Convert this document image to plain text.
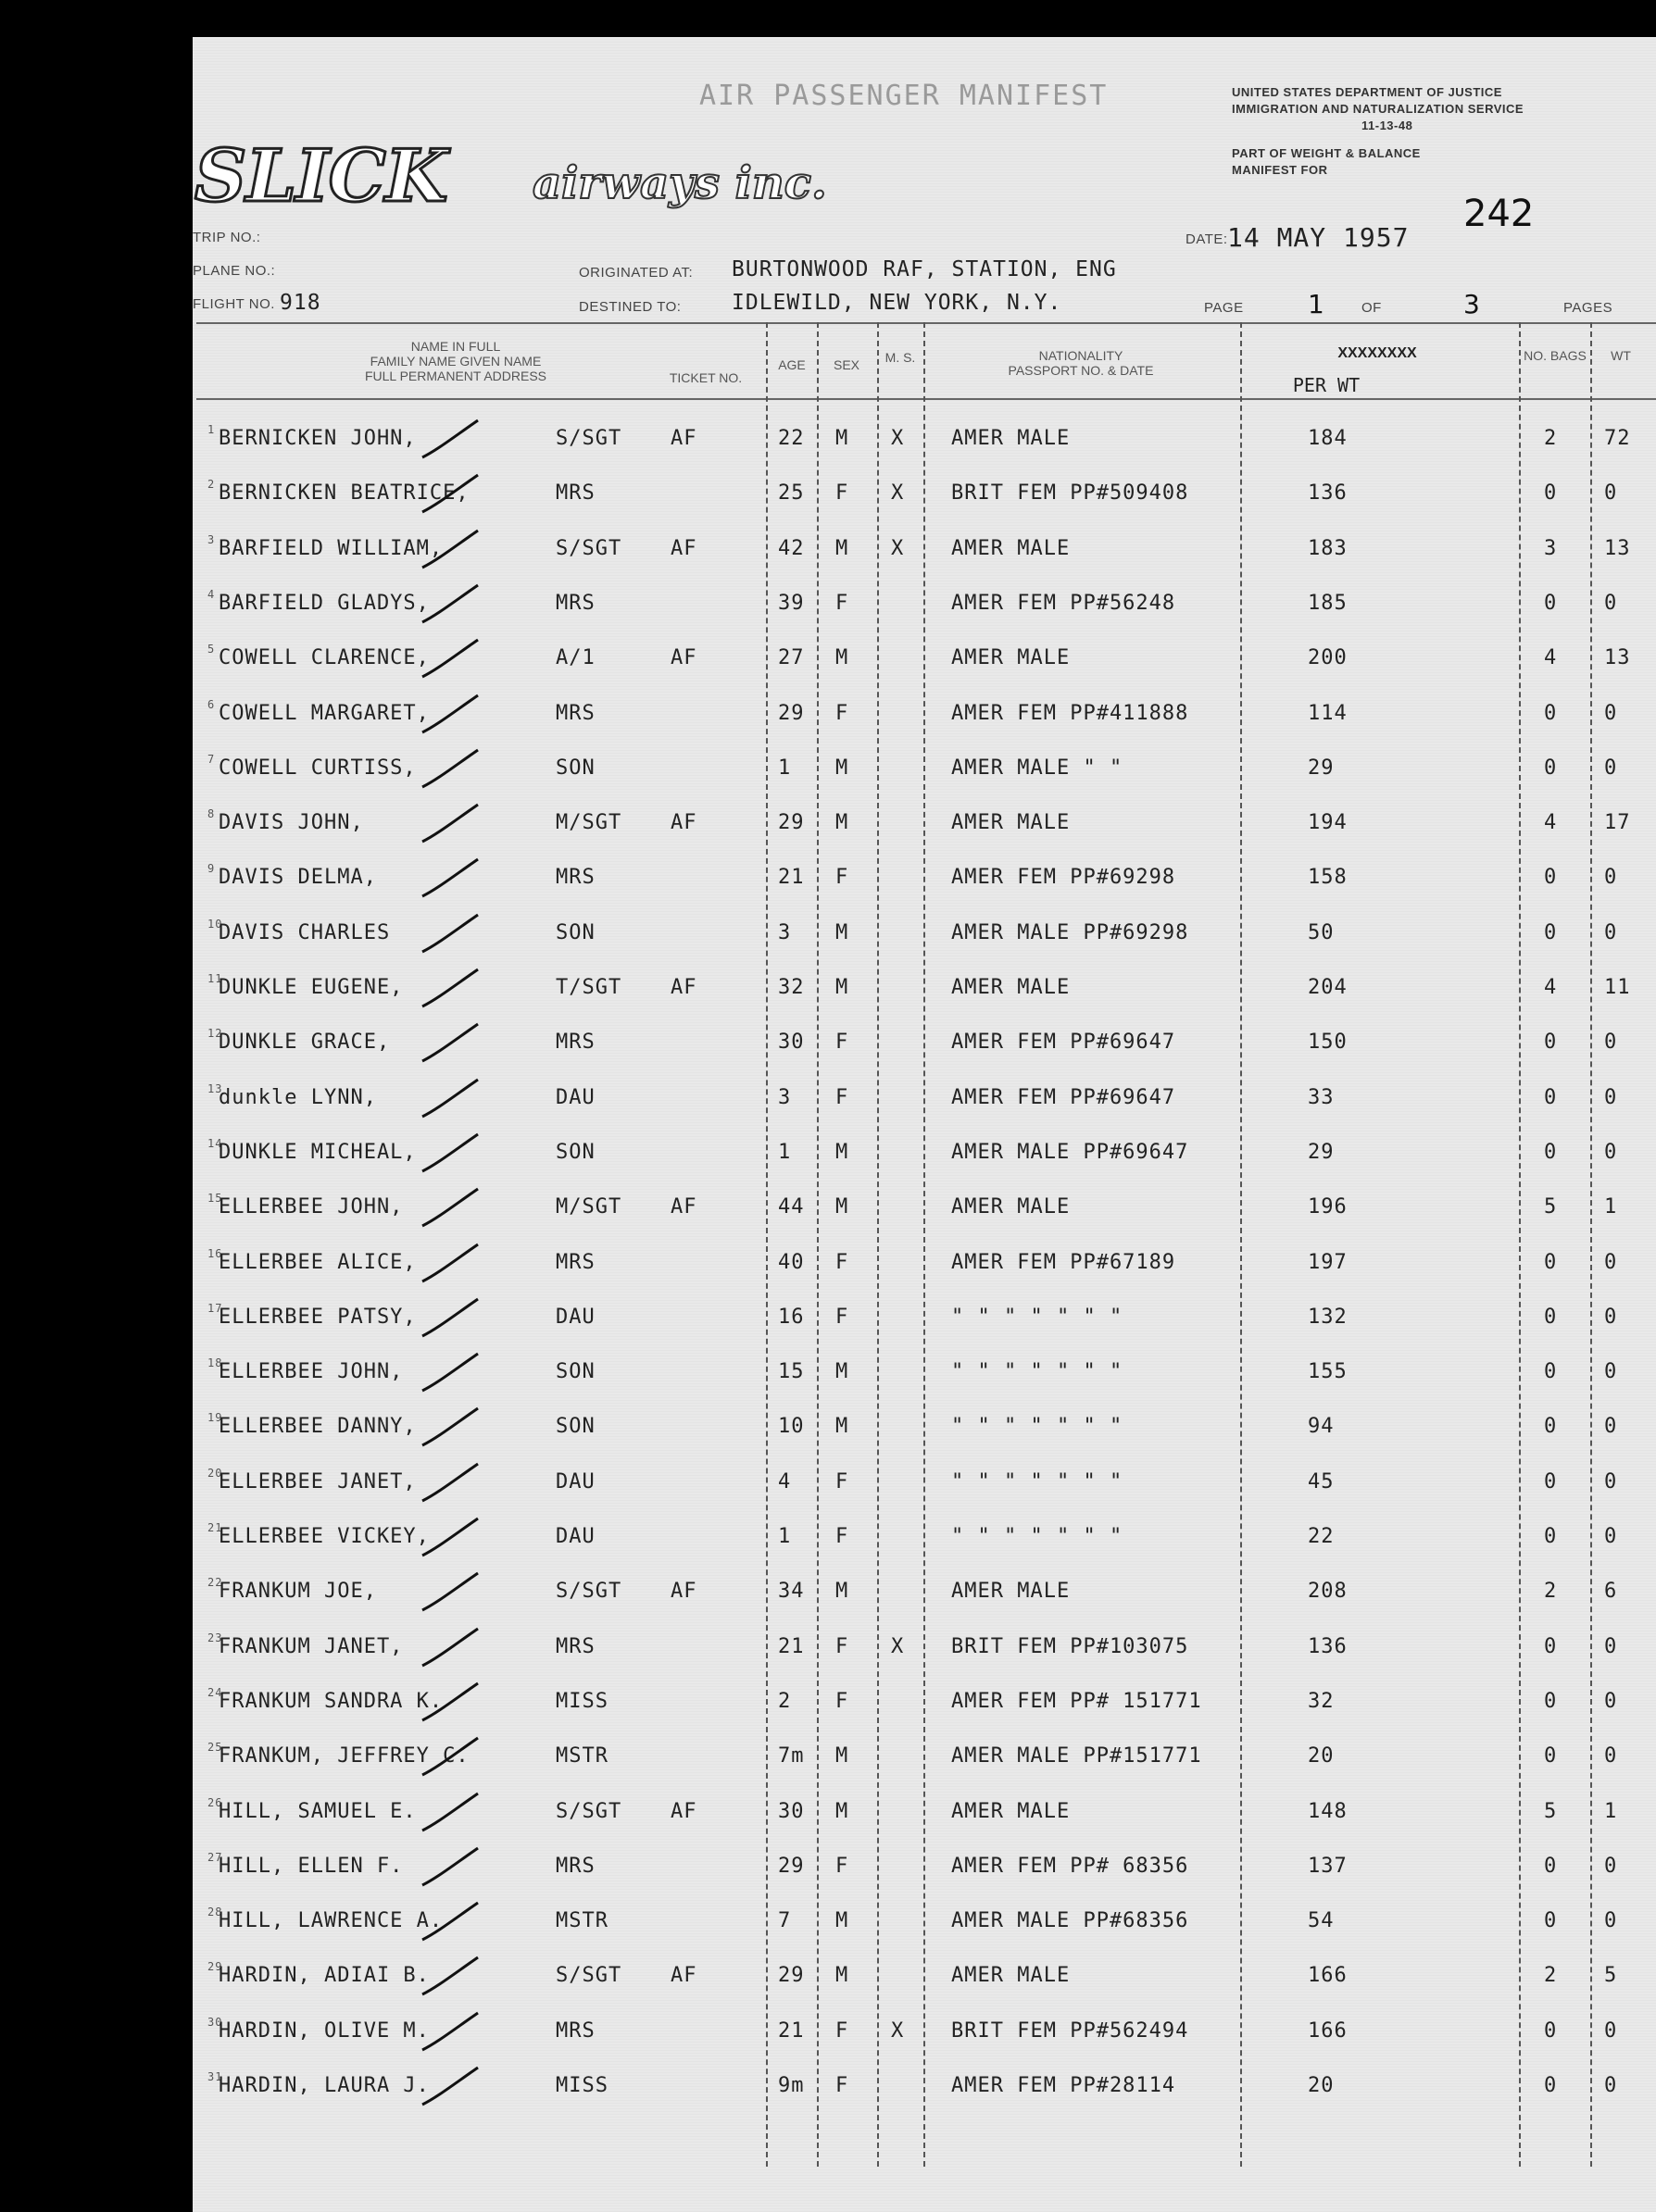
AIR PASSENGER MANIFEST
SLICK airways inc.
UNITED STATES DEPARTMENT OF JUSTICE
IMMIGRATION AND NATURALIZATION SERVICE
11-13-48
PART OF WEIGHT & BALANCE
MANIFEST FOR
242
TRIP NO.:
PLANE NO.:
FLIGHT NO. 918
DATE: 14 MAY 1957
ORIGINATED AT: BURTONWOOD RAF, STATION, ENG
DESTINED TO: IDLEWILD, NEW YORK, N.Y.	PAGE 1	OF	3	PAGES
NAME IN FULL
FAMILY NAME GIVEN NAME
FULL PERMANENT ADDRESS	TICKET NO.
AGE	SEX	M. S.	NATIONALITY
PASSPORT NO. & DATE
XXXXXXXX
PER WT
NO. BAGS	WT
1 BERNICKEN JOHN,	S/SGT AF	22 M X AMER MALE	184	2 72
2 BERNICKEN BEATRICE,	MRS	25 F X BRIT FEM PP#509408	136	0 0
3 BARFIELD WILLIAM,	S/SGT AF	42 M X AMER MALE	183	3 13
4 BARFIELD GLADYS,	MRS	39 F	AMER FEM PP#56248	185	0 0
5 COWELL CLARENCE,	A/1	AF	27 M	AMER MALE	200	4 13
6 COWELL MARGARET,	MRS	29 F	AMER FEM PP#411888	114	0 0
7 COWELL CURTISS,	SON	1 M	AMER MALE " "	29	0 0
8 DAVIS JOHN,	M/SGT AF	29 M	AMER MALE	194	4 17
9 DAVIS DELMA,	MRS	21 F	AMER FEM PP#69298	158	0 0
10
DAVIS CHARLES	SON	3 M	AMER MALE PP#69298	50	0 0
11
DUNKLE EUGENE,	T/SGT AF	32 M	AMER MALE	204	4 11
12
DUNKLE GRACE,	MRS	30 F	AMER FEM PP#69647	150	0 0
13
dunkle LYNN,	DAU	3 F	AMER FEM PP#69647	33	0 0
14
DUNKLE MICHEAL,	SON	1 M	AMER MALE PP#69647	29	0 0
15
ELLERBEE JOHN,	M/SGT AF	44 M	AMER MALE	196	5 1
16
ELLERBEE ALICE,	MRS	40 F	AMER FEM PP#67189	197	0 0
17
ELLERBEE PATSY,	DAU	16 F	" " " " " " "	132	0 0
18
ELLERBEE JOHN,	SON	15 M	" " " " " " "	155	0 0
19
ELLERBEE DANNY,	SON	10 M	" " " " " " "	94	0 0
20
ELLERBEE JANET,	DAU	4 F	" " " " " " "	45	0 0
21
ELLERBEE VICKEY,	DAU	1 F	" " " " " " "	22	0 0
22
FRANKUM JOE,	S/SGT AF	34 M	AMER MALE	208	2 6
23
FRANKUM JANET,	MRS	21 F X BRIT FEM PP#103075	136	0 0
24
FRANKUM SANDRA K.	MISS	2 F	AMER FEM PP# 151771	32	0 0
25
FRANKUM, JEFFREY C.	MSTR	7m M	AMER MALE PP#151771	20	0 0
26
HILL, SAMUEL E.	S/SGT AF	30 M	AMER MALE	148	5 1
27
HILL, ELLEN F.	MRS	29 F	AMER FEM PP# 68356	137	0 0
28
HILL, LAWRENCE A.	MSTR	7 M	AMER MALE PP#68356	54	0 0
29
HARDIN, ADIAI B.	S/SGT AF	29 M	AMER MALE	166	2 5
30
HARDIN, OLIVE M.	MRS	21 F X BRIT FEM PP#562494	166	0 0
31
HARDIN, LAURA J.	MISS	9m F	AMER FEM PP#28114	20	0 0
